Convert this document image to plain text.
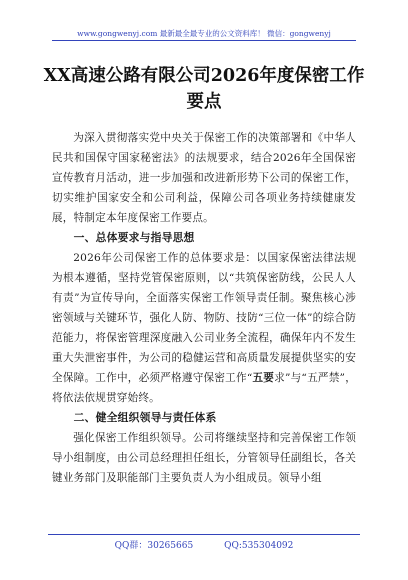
www.gongwenyj.com 最新最全最专业的公文资料库！ 微信：gongwenyj
XX高速公路有限公司2026年度保密工作
要点

为深入贯彻落实党中央关于保密工作的决策部署和《中华人民共和国保守国家秘密法》的法规要求，结合2026年全国保密宣传教育月活动，进一步加强和改进新形势下公司的保密工作，切实维护国家安全和公司利益，保障公司各项业务持续健康发展，特制定本年度保密工作要点。

一、总体要求与指导思想

2026年公司保密工作的总体要求是：以国家保密法律法规为根本遵循，坚持党管保密原则，以“共筑保密防线，公民人人有责”为宣传导向，全面落实保密工作领导责任制。聚焦核心涉密领域与关键环节，强化人防、物防、技防“三位一体”的综合防范能力，将保密管理深度融入公司业务全流程，确保年内不发生重大失泄密事件，为公司的稳健运营和高质量发展提供坚实的安全保障。工作中，必须严格遵守保密工作“五要求”与“五严禁”，将依法依规贯穿始终。

二、健全组织领导与责任体系

强化保密工作组织领导。公司将继续坚持和完善保密工作领导小组制度，由公司总经理担任组长，分管领导任副组长，各关键业务部门及职能部门主要负责人为小组成员。领导小组

QQ群：30265665	QQ:535304092
